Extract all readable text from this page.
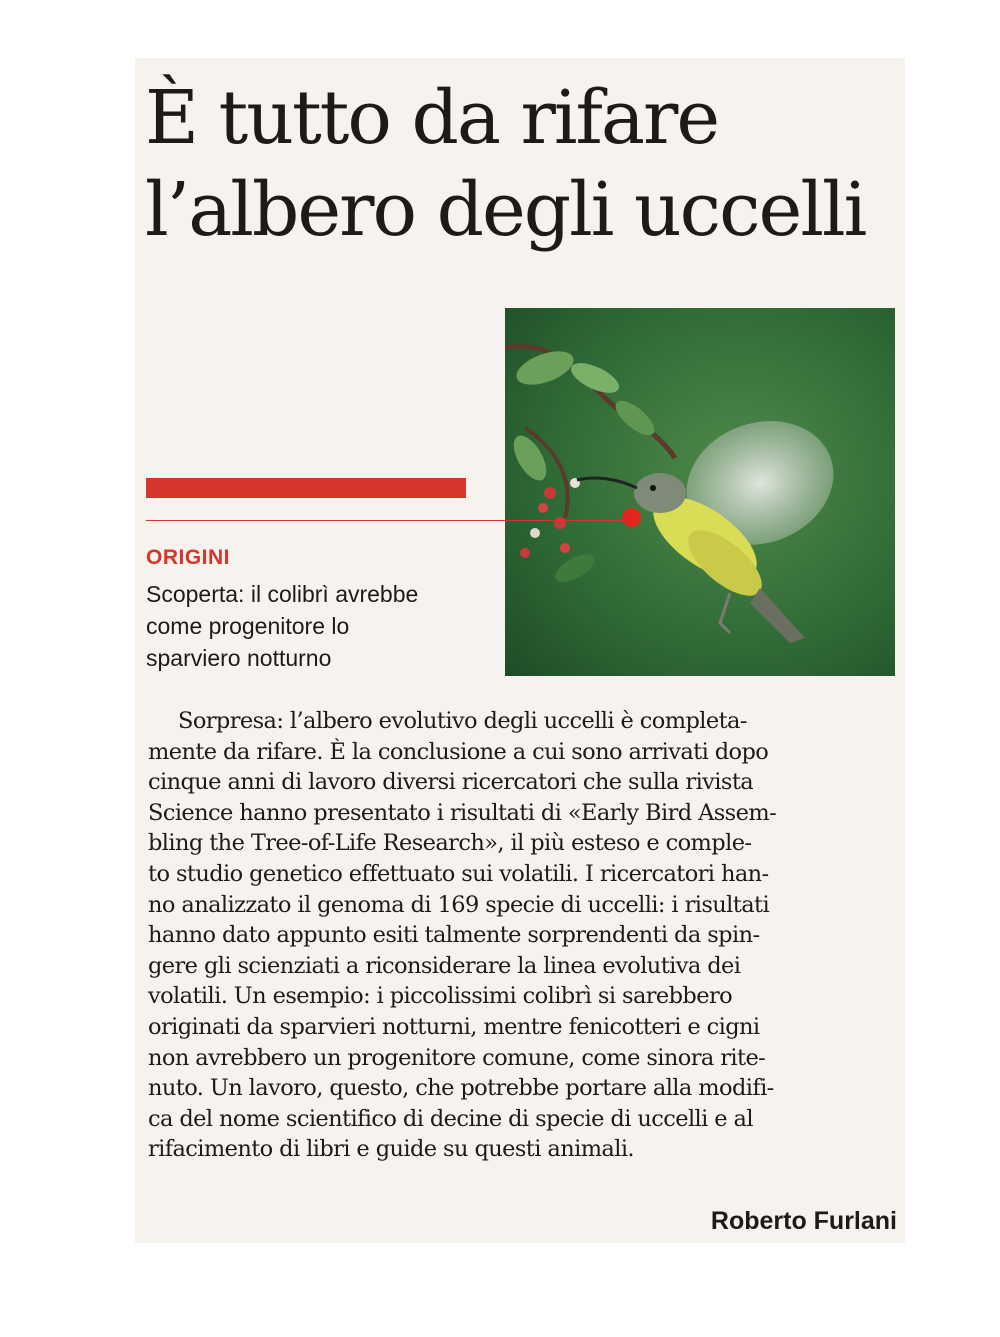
È tutto da rifare
l’albero degli uccelli
ORIGINI
Scoperta: il colibrì avrebbe
come progenitore lo
sparviero notturno
Sorpresa: l’albero evolutivo degli uccelli è completa-
mente da rifare. È la conclusione a cui sono arrivati dopo
cinque anni di lavoro diversi ricercatori che sulla rivista
Science hanno presentato i risultati di «Early Bird Assem-
bling the Tree-of-Life Research», il più esteso e comple-
to studio genetico effettuato sui volatili. I ricercatori han-
no analizzato il genoma di 169 specie di uccelli: i risultati
hanno dato appunto esiti talmente sorprendenti da spin-
gere gli scienziati a riconsiderare la linea evolutiva dei
volatili. Un esempio: i piccolissimi colibrì si sarebbero
originati da sparvieri notturni, mentre fenicotteri e cigni
non avrebbero un progenitore comune, come sinora rite-
nuto. Un lavoro, questo, che potrebbe portare alla modifi-
ca del nome scientifico di decine di specie di uccelli e al
rifacimento di libri e guide su questi animali.
Roberto Furlani
